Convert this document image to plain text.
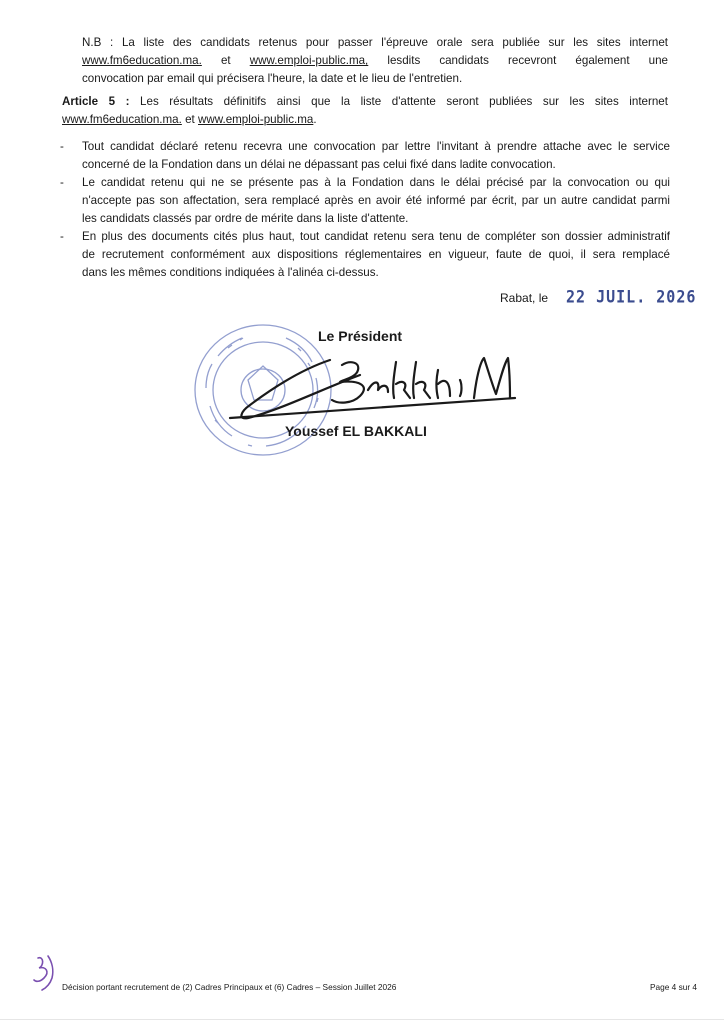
N.B : La liste des candidats retenus pour passer l'épreuve orale sera publiée sur les sites internet
www.fm6education.ma. et www.emploi-public.ma, lesdits candidats recevront également une
convocation par email qui précisera l'heure, la date et le lieu de l'entretien.
Article 5 : Les résultats définitifs ainsi que la liste d'attente seront publiées sur les sites internet
www.fm6education.ma. et www.emploi-public.ma.
- Tout candidat déclaré retenu recevra une convocation par lettre l'invitant à prendre attache avec le service

concerné de la Fondation dans un délai ne dépassant pas celui fixé dans ladite convocation.

- Le candidat retenu qui ne se présente pas à la Fondation dans le délai précisé par la convocation ou qui

n'accepte pas son affectation, sera remplacé après en avoir été informé par écrit, par un autre candidat parmi

les candidats classés par ordre de mérite dans la liste d'attente.

- En plus des documents cités plus haut, tout candidat retenu sera tenu de compléter son dossier administratif

de recrutement conformément aux dispositions réglementaires en vigueur, faute de quoi, il sera remplacé

dans les mêmes conditions indiquées à l'alinéa ci-dessus.

Rabat, le 22 JUIL. 2026
Le Président
Youssef EL BAKKALI
Décision portant recrutement de (2) Cadres Principaux et (6) Cadres – Session Juillet 2026	Page 4 sur 4
